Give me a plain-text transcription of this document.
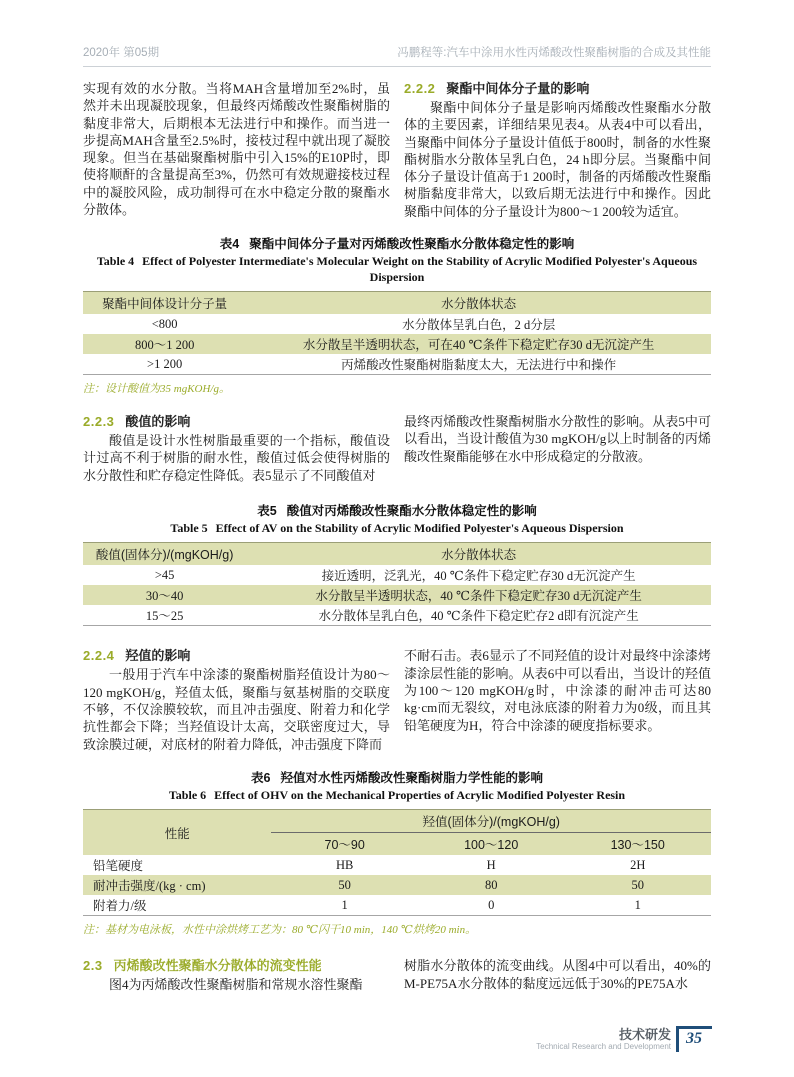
2020年 第05期	冯鹏程等:汽车中涂用水性丙烯酸改性聚酯树脂的合成及其性能

实现有效的水分散。当将MAH含量增加至2%时，虽然并未出现凝胶现象，但最终丙烯酸改性聚酯树脂的黏度非常大，后期根本无法进行中和操作。而当进一步提高MAH含量至2.5%时，接枝过程中就出现了凝胶现象。但当在基础聚酯树脂中引入15%的E10P时，即使将顺酐的含量提高至3%，仍然可有效规避接枝过程中的凝胶风险，成功制得可在水中稳定分散的聚酯水分散体。

2.2.2 聚酯中间体分子量的影响

聚酯中间体分子量是影响丙烯酸改性聚酯水分散体的主要因素，详细结果见表4。从表4中可以看出，当聚酯中间体分子量设计值低于800时，制备的水性聚酯树脂水分散体呈乳白色，24 h即分层。当聚酯中间体分子量设计值高于1 200时，制备的丙烯酸改性聚酯树脂黏度非常大，以致后期无法进行中和操作。因此聚酯中间体的分子量设计为800～1 200较为适宜。

表4 聚酯中间体分子量对丙烯酸改性聚酯水分散体稳定性的影响
Table 4 Effect of Polyester Intermediate's Molecular Weight on the Stability of Acrylic Modified Polyester's Aqueous Dispersion
聚酯中间体设计分子量	水分散体状态
<800	水分散体呈乳白色，2 d分层
800～1 200	水分散呈半透明状态，可在40 ℃条件下稳定贮存30 d无沉淀产生
>1 200	丙烯酸改性聚酯树脂黏度太大，无法进行中和操作
注：设计酸值为35 mgKOH/g。
2.2.3 酸值的影响

酸值是设计水性树脂最重要的一个指标，酸值设计过高不利于树脂的耐水性，酸值过低会使得树脂的水分散性和贮存稳定性降低。表5显示了不同酸值对

最终丙烯酸改性聚酯树脂水分散性的影响。从表5中可以看出，当设计酸值为30 mgKOH/g以上时制备的丙烯酸改性聚酯能够在水中形成稳定的分散液。

表5 酸值对丙烯酸改性聚酯水分散体稳定性的影响
Table 5 Effect of AV on the Stability of Acrylic Modified Polyester's Aqueous Dispersion
酸值(固体分)/(mgKOH/g)	水分散体状态
>45	接近透明，泛乳光，40 ℃条件下稳定贮存30 d无沉淀产生
30～40	水分散呈半透明状态，40 ℃条件下稳定贮存30 d无沉淀产生
15～25	水分散体呈乳白色，40 ℃条件下稳定贮存2 d即有沉淀产生
2.2.4 羟值的影响

一般用于汽车中涂漆的聚酯树脂羟值设计为80～120 mgKOH/g，羟值太低，聚酯与氨基树脂的交联度不够，不仅涂膜较软，而且冲击强度、附着力和化学抗性都会下降；当羟值设计太高，交联密度过大，导致涂膜过硬，对底材的附着力降低，冲击强度下降而

不耐石击。表6显示了不同羟值的设计对最终中涂漆烤漆涂层性能的影响。从表6中可以看出，当设计的羟值为100～120 mgKOH/g时，中涂漆的耐冲击可达80 kg·cm而无裂纹，对电泳底漆的附着力为0级，而且其铅笔硬度为H，符合中涂漆的硬度指标要求。

表6 羟值对水性丙烯酸改性聚酯树脂力学性能的影响
Table 6 Effect of OHV on the Mechanical Properties of Acrylic Modified Polyester Resin
性能	羟值(固体分)/(mgKOH/g)		
	70～90	100～120	130～150
铅笔硬度	HB	H	2H
耐冲击强度/(kg · cm)	50	80	50
附着力/级	1	0	1
注：基材为电泳板，水性中涂烘烤工艺为：80 ℃闪干10 min，140 ℃烘烤20 min。
2.3 丙烯酸改性聚酯水分散体的流变性能

图4为丙烯酸改性聚酯树脂和常规水溶性聚酯

树脂水分散体的流变曲线。从图4中可以看出，40%的M-PE75A水分散体的黏度远远低于30%的PE75A水

技术研发
Technical Research and Development 35
